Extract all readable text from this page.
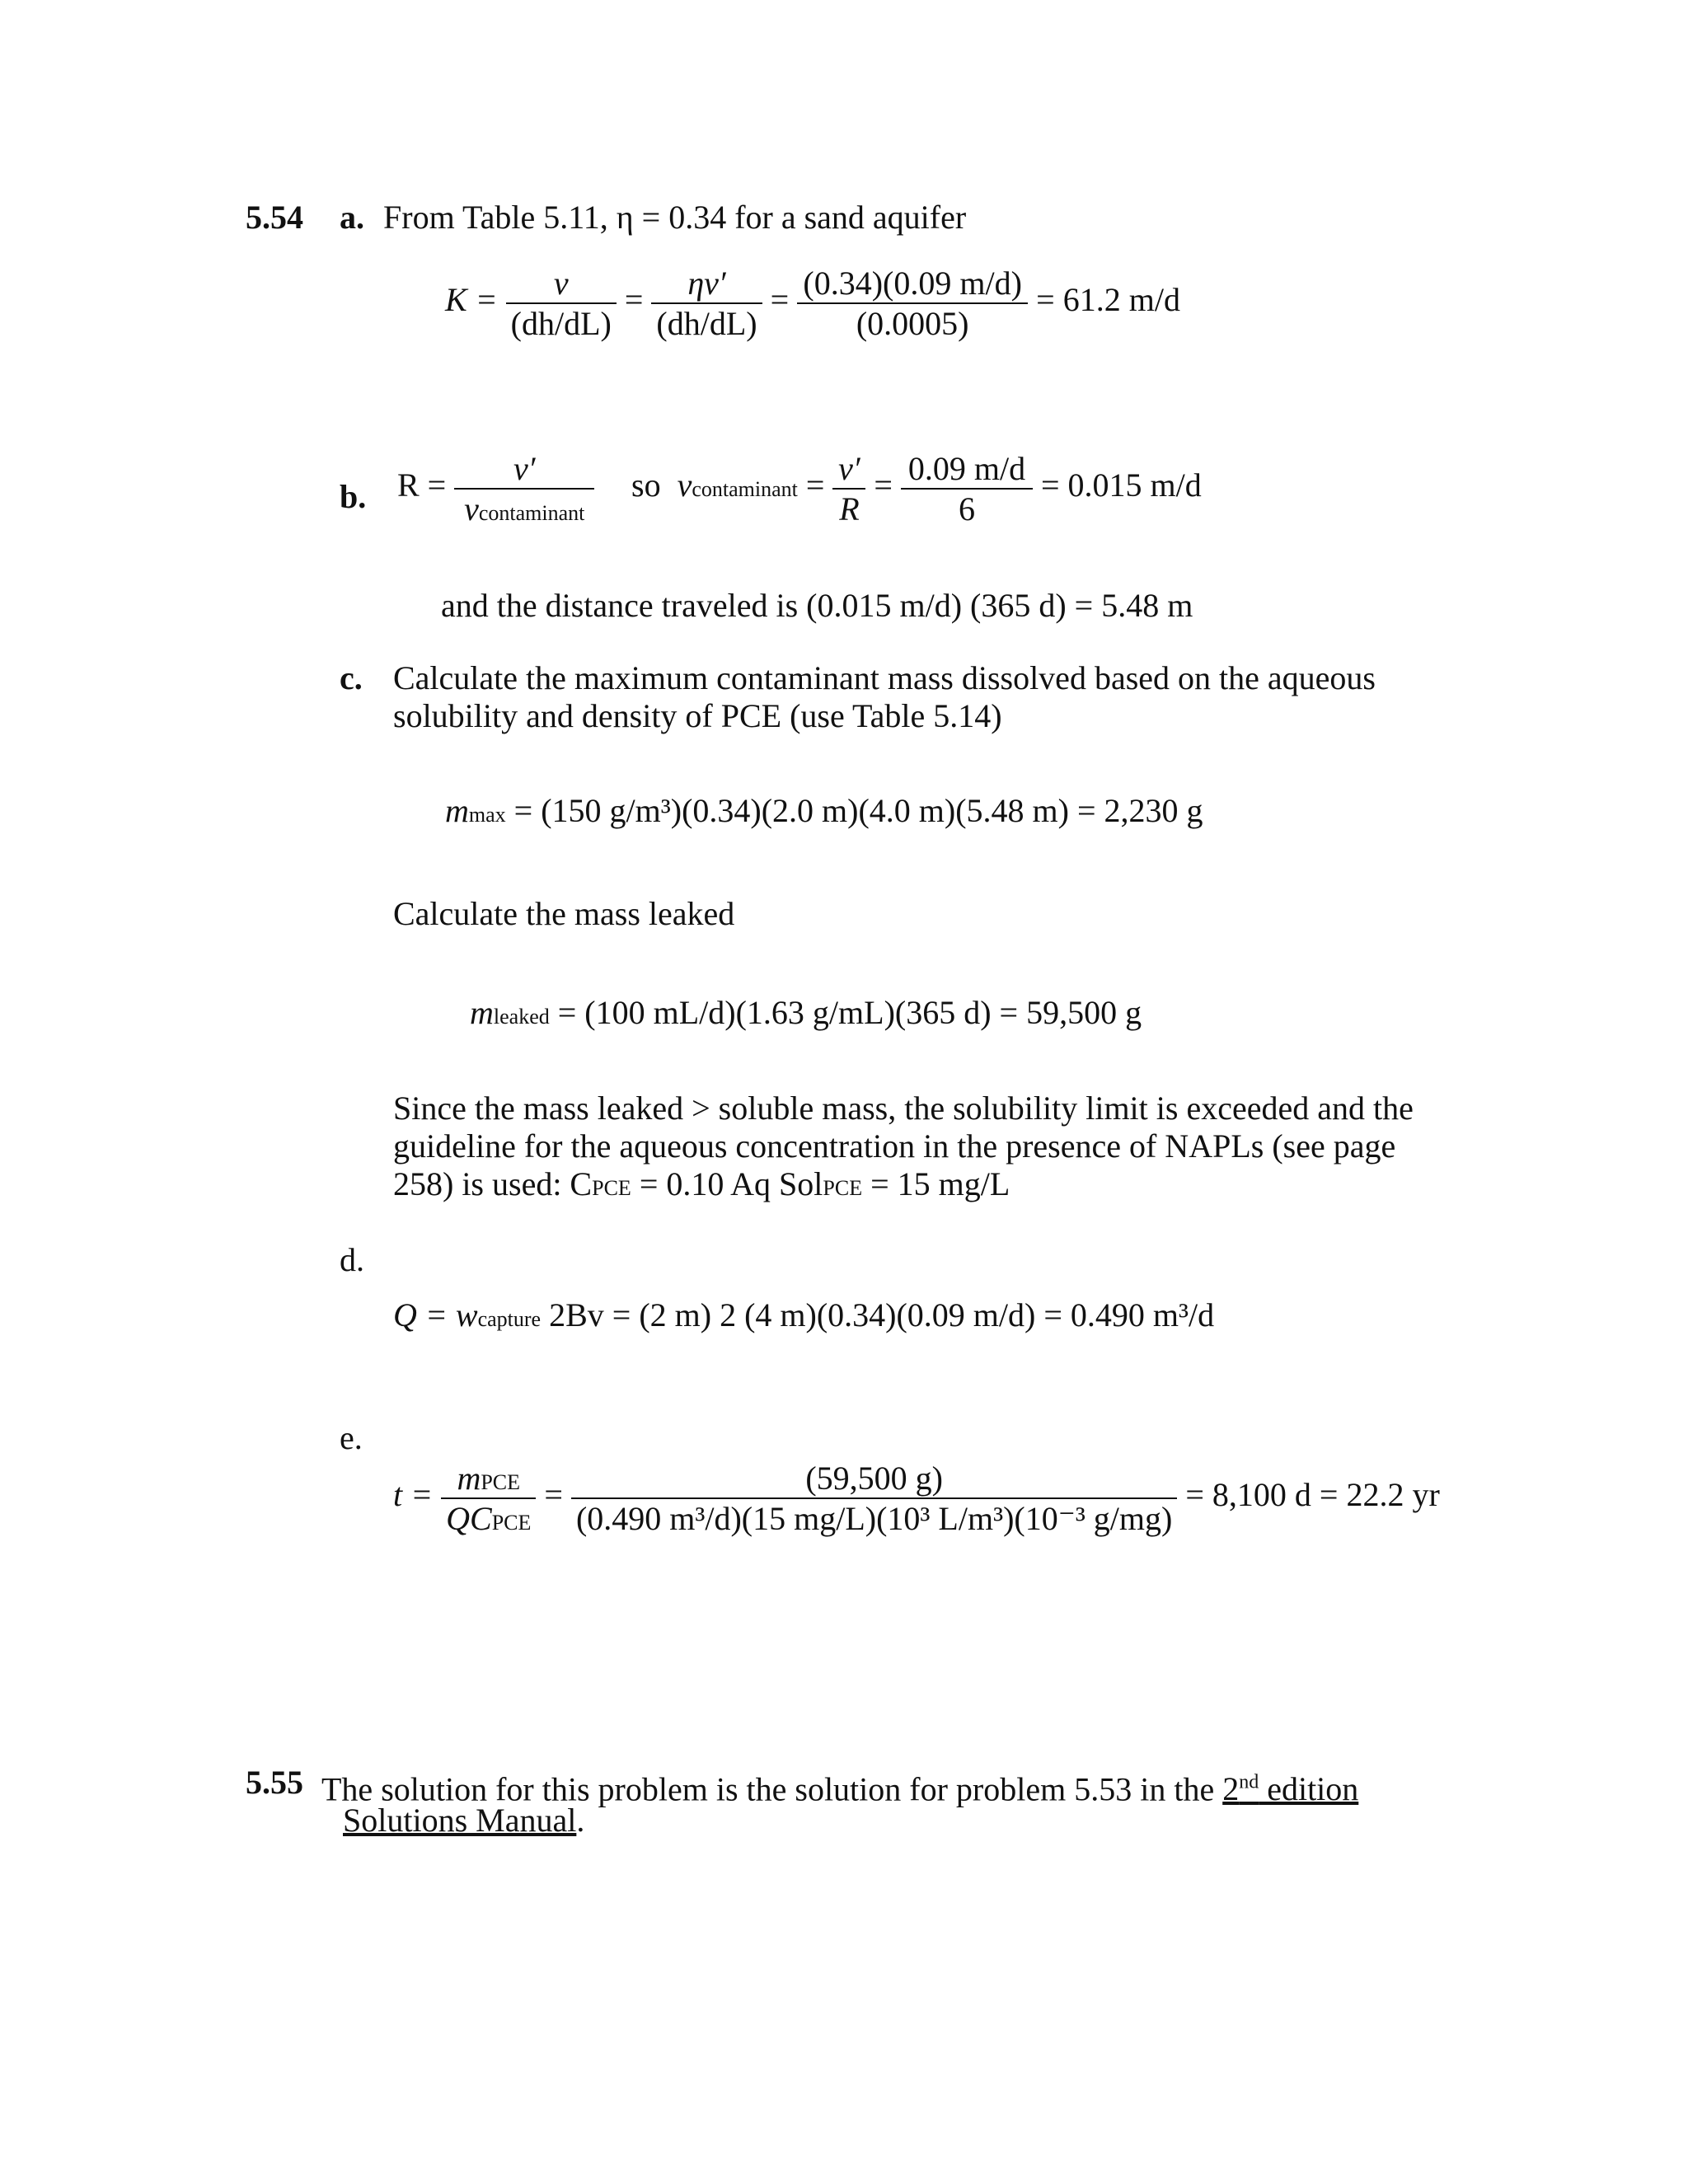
5.54 a. From Table 5.11, η = 0.34 for a sand aquifer
$K = \frac{v}{(dh/dL)} = \frac{\eta v'}{(dh/dL)} = \frac{(0.34)(0.09 m/d)}{(0.0005)} = 61.2$ m/d
b. $R = \frac{v'}{\text{vcontaminant}}$ so vcontaminant = $\frac{v'}{R} = \frac{0.09 m/d}{6} = 0.015$ m/d
and the distance traveled is (0.015 m/d) (365 d) = 5.48 m
c. Calculate the maximum contaminant mass dissolved based on the aqueous
solubility and density of PCE (use Table 5.14)
mmax = (150 g/m³)(0.34)(2.0 m)(4.0 m)(5.48 m) = 2,230 g
Calculate the mass leaked
mleaked = (100 mL/d)(1.63 g/mL)(365 d) = 59,500 g
Since the mass leaked > soluble mass, the solubility limit is exceeded and the
guideline for the aqueous concentration in the presence of NAPLs (see page
258) is used: CPCE = 0.10 Aq SolPCE = 15 mg/L
d.
Q = wcapture 2Bv = (2 m) 2 (4 m)(0.34)(0.09 m/d) = 0.490 m³/d
e.
$t = \frac{\text{mPCE}}{\text{QCPCE}} = \frac{(59,500 g)}{\text{(0.490 m³/d)(15 mg/L)(10³ L/m³)(10⁻³ g/mg)}} = 8,100$ d = 22.2 yr
5.55 The solution for this problem is the solution for problem 5.53 in the 2nd edition
Solutions Manual.
